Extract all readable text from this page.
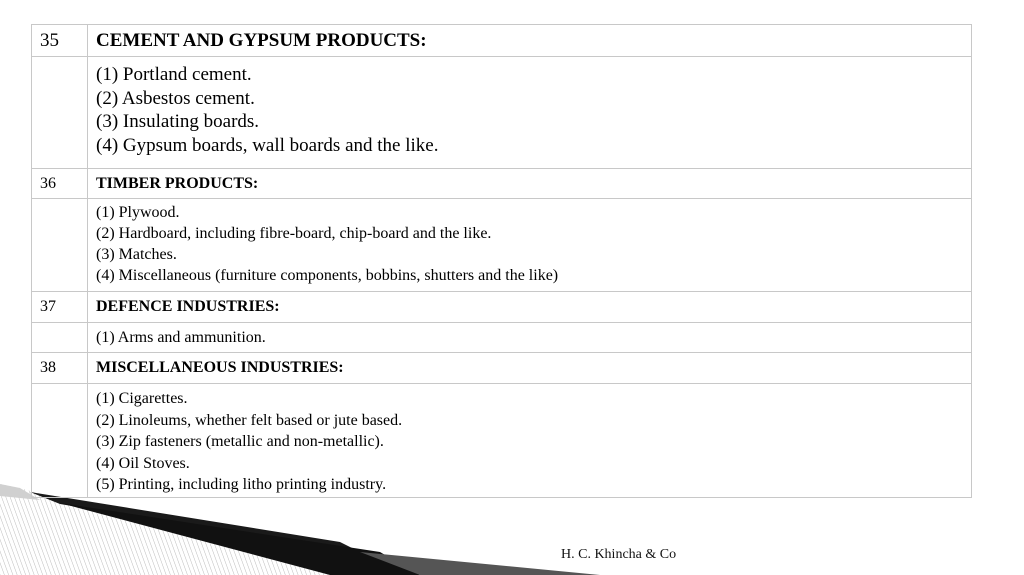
35	CEMENT AND GYPSUM PRODUCTS:

	(1) Portland cement.
(2) Asbestos cement.
(3) Insulating boards.
(4) Gypsum boards, wall boards and the like.

36	TIMBER PRODUCTS:

	(1) Plywood.
(2) Hardboard, including fibre-board, chip-board and the like.
(3) Matches.
(4) Miscellaneous (furniture components, bobbins, shutters and the like)

37	DEFENCE INDUSTRIES:

	(1) Arms and ammunition.

38	MISCELLANEOUS INDUSTRIES:

	(1) Cigarettes.
(2) Linoleums, whether felt based or jute based.
(3) Zip fasteners (metallic and non-metallic).
(4) Oil Stoves.
(5) Printing, including litho printing industry.
H. C. Khincha & Co
